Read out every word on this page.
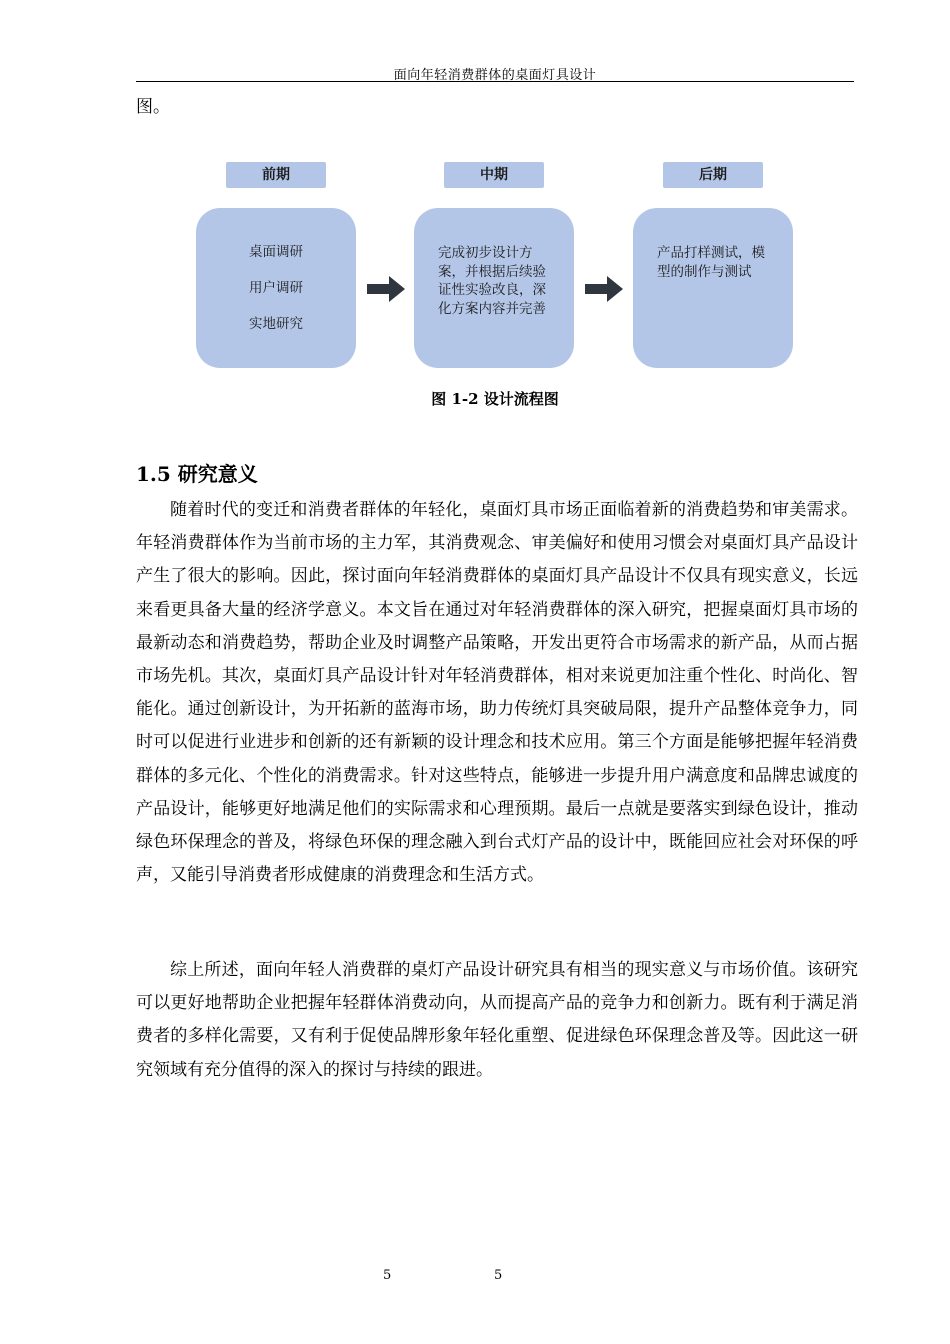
面向年轻消费群体的桌面灯具设计
图。
前期	中期	后期
桌面调研
用户调研
实地研究
完成初步设计方案，并根据后续验证性实验改良，深化方案内容并完善
产品打样测试，模型的制作与测试
图 1-2 设计流程图
1.5 研究意义

随着时代的变迁和消费者群体的年轻化，桌面灯具市场正面临着新的消费趋势和审美需求。年轻消费群体作为当前市场的主力军，其消费观念、审美偏好和使用习惯会对桌面灯具产品设计产生了很大的影响。因此，探讨面向年轻消费群体的桌面灯具产品设计不仅具有现实意义，长远来看更具备大量的经济学意义。本文旨在通过对年轻消费群体的深入研究，把握桌面灯具市场的最新动态和消费趋势，帮助企业及时调整产品策略，开发出更符合市场需求的新产品，从而占据市场先机。其次，桌面灯具产品设计针对年轻消费群体，相对来说更加注重个性化、时尚化、智能化。通过创新设计，为开拓新的蓝海市场，助力传统灯具突破局限，提升产品整体竞争力，同时可以促进行业进步和创新的还有新颖的设计理念和技术应用。第三个方面是能够把握年轻消费群体的多元化、个性化的消费需求。针对这些特点，能够进一步提升用户满意度和品牌忠诚度的产品设计，能够更好地满足他们的实际需求和心理预期。最后一点就是要落实到绿色设计，推动绿色环保理念的普及，将绿色环保的理念融入到台式灯产品的设计中，既能回应社会对环保的呼声，又能引导消费者形成健康的消费理念和生活方式。

综上所述，面向年轻人消费群的桌灯产品设计研究具有相当的现实意义与市场价值。该研究可以更好地帮助企业把握年轻群体消费动向，从而提高产品的竞争力和创新力。既有利于满足消费者的多样化需要，又有利于促使品牌形象年轻化重塑、促进绿色环保理念普及等。因此这一研究领域有充分值得的深入的探讨与持续的跟进。

5	5
